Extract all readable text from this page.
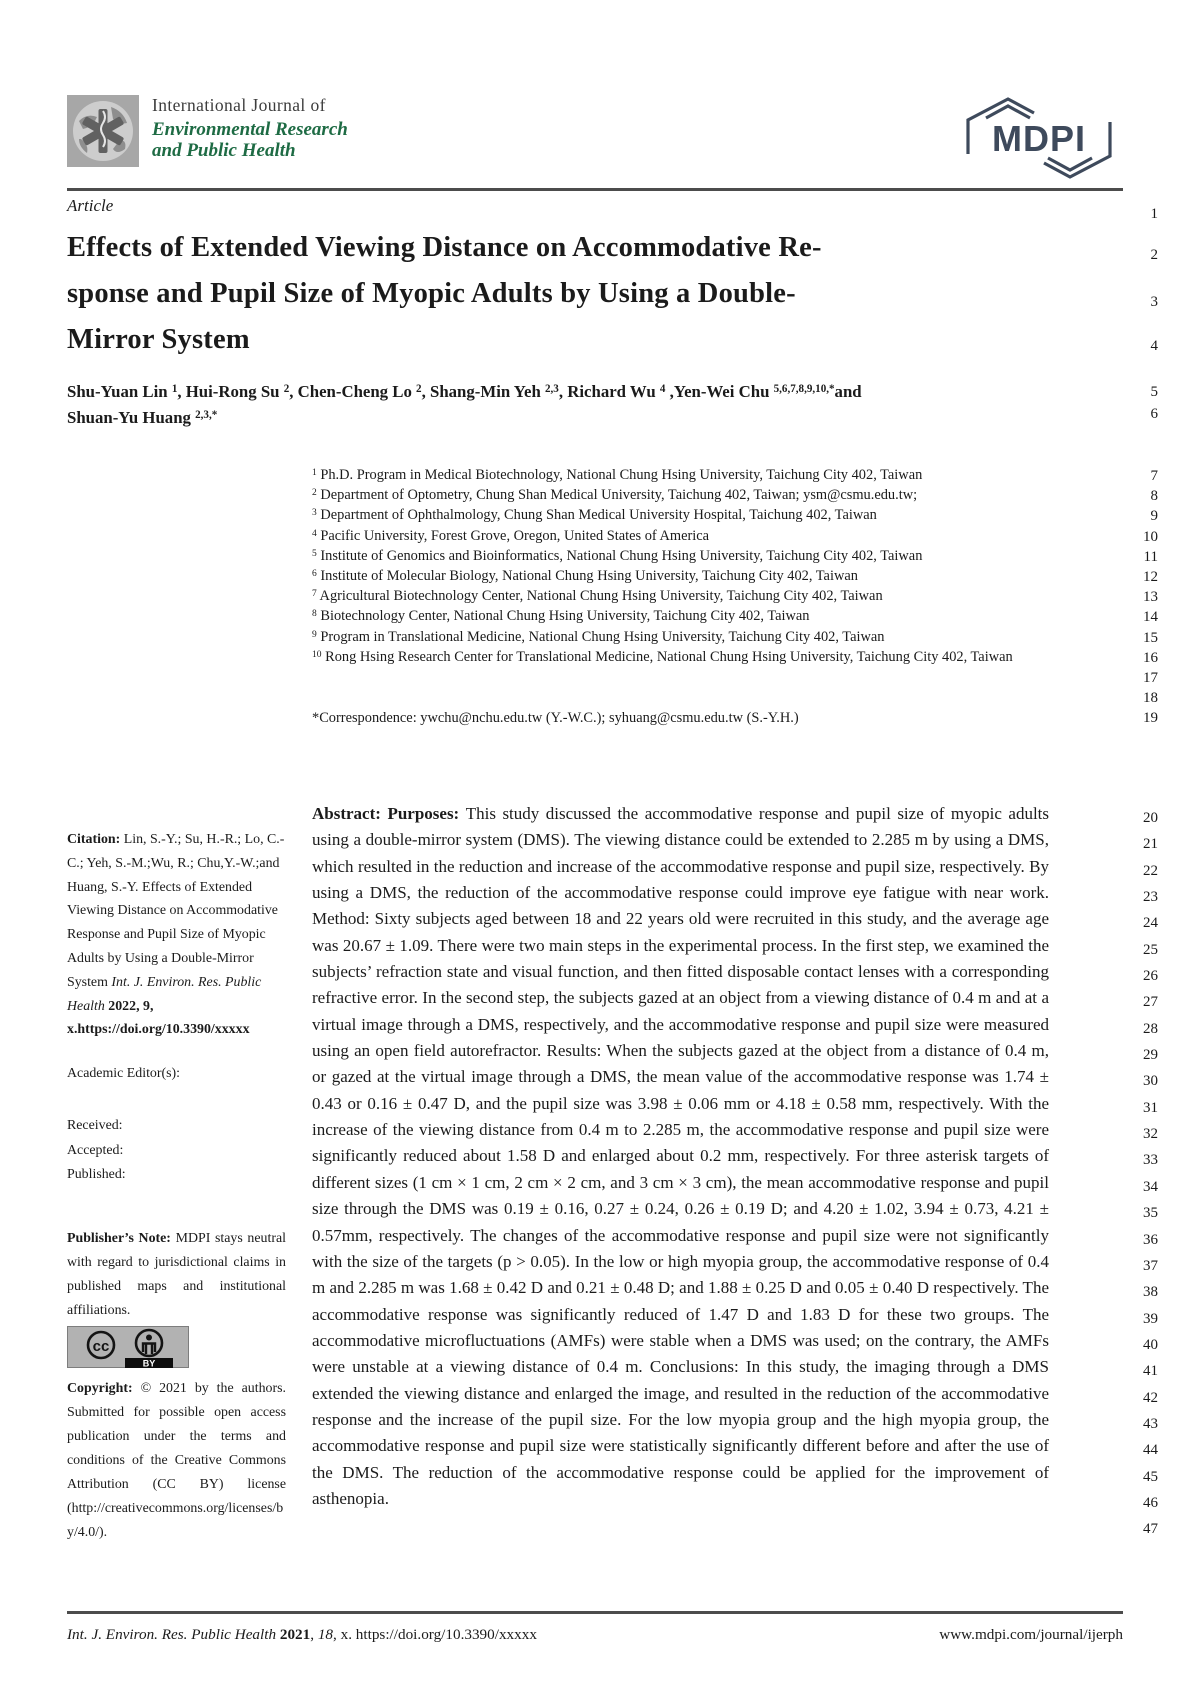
International Journal of
Environmental Research
and Public Health	MDPI
Article
Effects of Extended Viewing Distance on Accommodative Re-
sponse and Pupil Size of Myopic Adults by Using a Double-
Mirror System
Shu-Yuan Lin $^1$, Hui-Rong Su $^2$, Chen-Cheng Lo $^2$, Shang-Min Yeh $^{2,3}$, Richard Wu $^4$ ,Yen-Wei Chu $^{5,6,7,8,9,10,*}$and
Shuan-Yu Huang $^{2,3,*}$
$^1$ Ph.D. Program in Medical Biotechnology, National Chung Hsing University, Taichung City 402, Taiwan
$^2$ Department of Optometry, Chung Shan Medical University, Taichung 402, Taiwan; ysm@csmu.edu.tw;
$^3$ Department of Ophthalmology, Chung Shan Medical University Hospital, Taichung 402, Taiwan
$^4$ Pacific University, Forest Grove, Oregon, United States of America
$^5$ Institute of Genomics and Bioinformatics, National Chung Hsing University, Taichung City 402, Taiwan
$^6$ Institute of Molecular Biology, National Chung Hsing University, Taichung City 402, Taiwan
$^7$ Agricultural Biotechnology Center, National Chung Hsing University, Taichung City 402, Taiwan
$^8$ Biotechnology Center, National Chung Hsing University, Taichung City 402, Taiwan
$^9$ Program in Translational Medicine, National Chung Hsing University, Taichung City 402, Taiwan
$^{10}$ Rong Hsing Research Center for Translational Medicine, National Chung Hsing University, Taichung City 402, Taiwan
*Correspondence: ywchu@nchu.edu.tw (Y.-W.C.); syhuang@csmu.edu.tw (S.-Y.H.)
Abstract: Purposes: This study discussed the accommodative response and pupil size of myopic adults using a double-mirror system (DMS). The viewing distance could be extended to 2.285 m by using a DMS, which resulted in the reduction and increase of the accommodative response and pupil size, respectively. By using a DMS, the reduction of the accommodative response could improve eye fatigue with near work. Method: Sixty subjects aged between 18 and 22 years old were recruited in this study, and the average age was 20.67 ± 1.09. There were two main steps in the experimental process. In the first step, we examined the subjects’ refraction state and visual function, and then fitted disposable contact lenses with a corresponding refractive error. In the second step, the subjects gazed at an object from a viewing distance of 0.4 m and at a virtual image through a DMS, respectively, and the accommodative response and pupil size were measured using an open field autorefractor. Results: When the subjects gazed at the object from a distance of 0.4 m, or gazed at the virtual image through a DMS, the mean value of the accommodative response was 1.74 ± 0.43 or 0.16 ± 0.47 D, and the pupil size was 3.98 ± 0.06 mm or 4.18 ± 0.58 mm, respectively. With the increase of the viewing distance from 0.4 m to 2.285 m, the accommodative response and pupil size were significantly reduced about 1.58 D and enlarged about 0.2 mm, respectively. For three asterisk targets of different sizes (1 cm × 1 cm, 2 cm × 2 cm, and 3 cm × 3 cm), the mean accommodative response and pupil size through the DMS was 0.19 ± 0.16, 0.27 ± 0.24, 0.26 ± 0.19 D; and 4.20 ± 1.02, 3.94 ± 0.73, 4.21 ± 0.57mm, respectively. The changes of the accommodative response and pupil size were not significantly with the size of the targets (p > 0.05). In the low or high myopia group, the accommodative response of 0.4 m and 2.285 m was 1.68 ± 0.42 D and 0.21 ± 0.48 D; and 1.88 ± 0.25 D and 0.05 ± 0.40 D respectively. The accommodative response was significantly reduced of 1.47 D and 1.83 D for these two groups. The accommodative microfluctuations (AMFs) were stable when a DMS was used; on the contrary, the AMFs were unstable at a viewing distance of 0.4 m. Conclusions: In this study, the imaging through a DMS extended the viewing distance and enlarged the image, and resulted in the reduction of the accommodative response and the increase of the pupil size. For the low myopia group and the high myopia group, the accommodative response and pupil size were statistically significantly different before and after the use of the DMS. The reduction of the accommodative response could be applied for the improvement of asthenopia.
Citation: Lin, S.-Y.; Su, H.-R.; Lo, C.-C.; Yeh, S.-M.;Wu, R.; Chu,Y.-W.;and Huang, S.-Y. Effects of Extended Viewing Distance on Accommodative Response and Pupil Size of Myopic Adults by Using a Double-Mirror System Int. J. Environ. Res. Public Health 2022, 9, x.https://doi.org/10.3390/xxxxx
Academic Editor(s):
Received:
Accepted:
Published:
Publisher’s Note: MDPI stays neutral with regard to jurisdictional claims in published maps and institutional affiliations.
cc
BY
Copyright: © 2021 by the authors. Submitted for possible open access publication under the terms and conditions of the Creative Commons Attribution (CC BY) license (http://creativecommons.org/licenses/by/4.0/).
1
2
3
4
5
6
7
8
9
10
11
12
13
14
15
16
17
18
19
20
21
22
23
24
25
26
27
28
29
30
31
32
33
34
35
36
37
38
39
40
41
42
43
44
45
46
47
Int. J. Environ. Res. Public Health 2021, 18, x. https://doi.org/10.3390/xxxxx	www.mdpi.com/journal/ijerph
